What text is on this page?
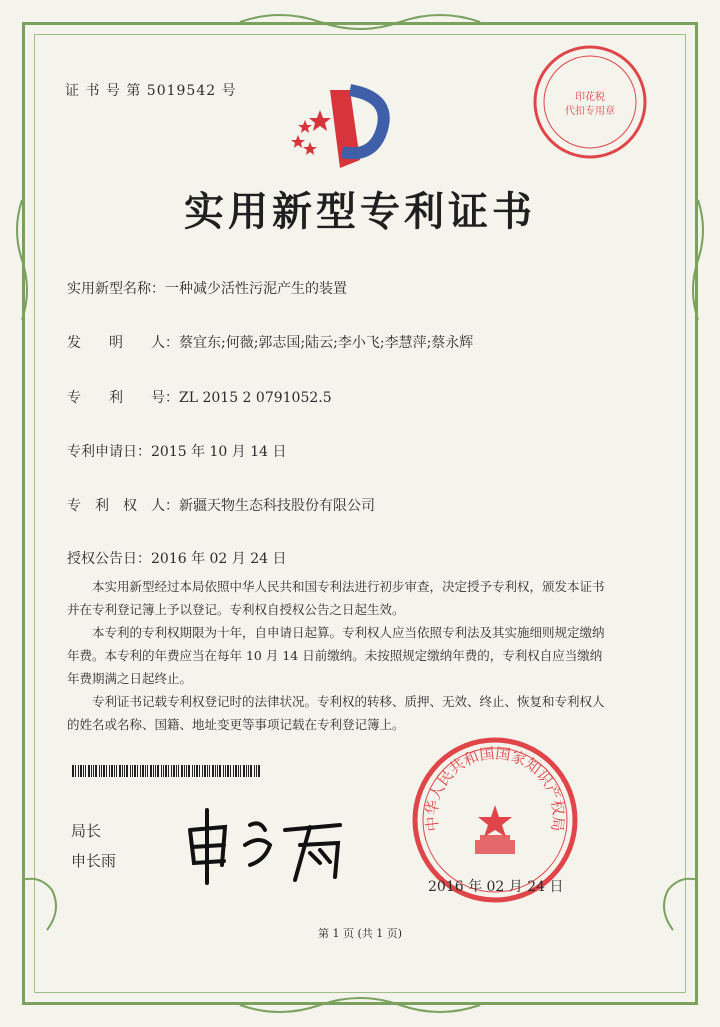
印花税
代扣专用章
证 书 号 第 5019542 号
实用新型专利证书
实用新型名称：一种减少活性污泥产生的装置
发　　明　　人：蔡宜东;何薇;郭志国;陆云;李小飞;李慧萍;蔡永辉
专　　利　　号：ZL 2015 2 0791052.5
专利申请日：2015 年 10 月 14 日
专　利　权　人：新疆天物生态科技股份有限公司
授权公告日：2016 年 02 月 24 日

本实用新型经过本局依照中华人民共和国专利法进行初步审查，决定授予专利权，颁发本证书并在专利登记簿上予以登记。专利权自授权公告之日起生效。

本专利的专利权期限为十年，自申请日起算。专利权人应当依照专利法及其实施细则规定缴纳年费。本专利的年费应当在每年 10 月 14 日前缴纳。未按照规定缴纳年费的，专利权自应当缴纳年费期满之日起终止。

专利证书记载专利权登记时的法律状况。专利权的转移、质押、无效、终止、恢复和专利权人的姓名或名称、国籍、地址变更等事项记载在专利登记簿上。

局长
申长雨
中华人民共和国国家知识产权局
2016 年 02 月 24 日
第 1 页 (共 1 页)
